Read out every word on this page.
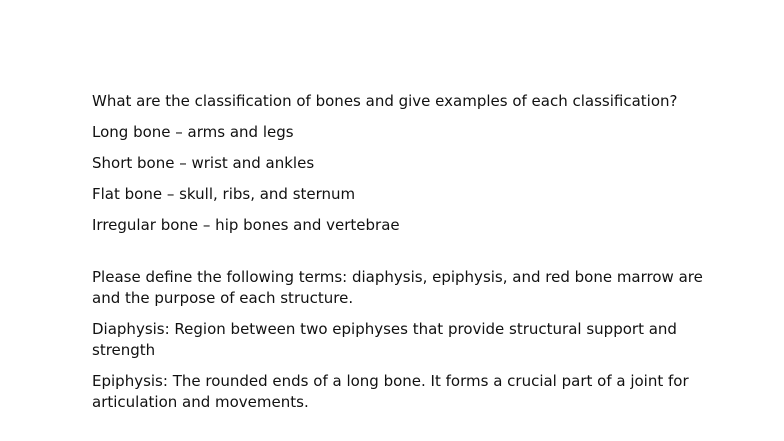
What are the classification of bones and give examples of each classification?

Long bone – arms and legs

Short bone – wrist and ankles

Flat bone – skull, ribs, and sternum

Irregular bone – hip bones and vertebrae

Please define the following terms: diaphysis, epiphysis, and red bone marrow are and the purpose of each structure.

Diaphysis: Region between two epiphyses that provide structural support and strength

Epiphysis: The rounded ends of a long bone. It forms a crucial part of a joint for articulation and movements.
